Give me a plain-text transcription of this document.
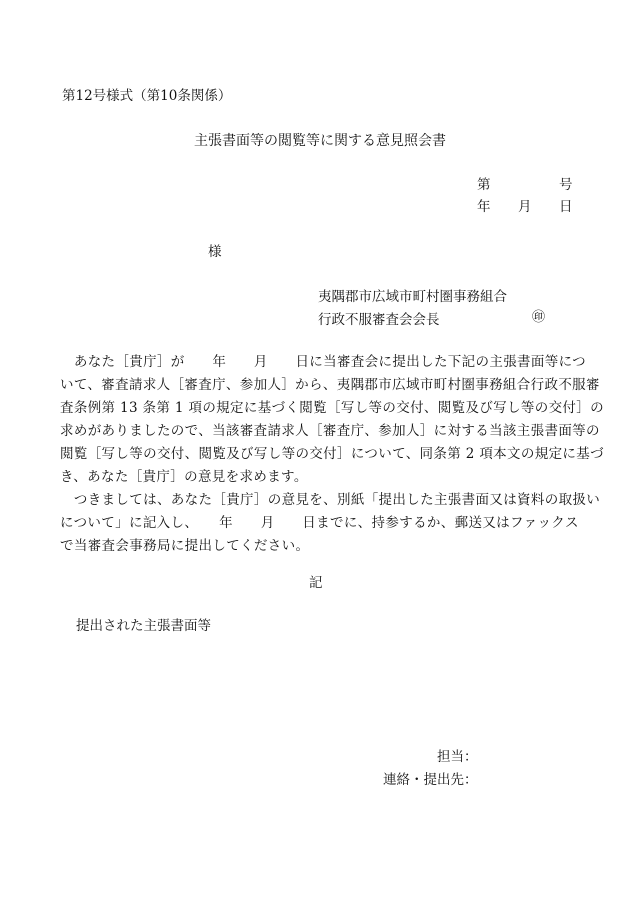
第12号様式（第10条関係）
主張書面等の閲覧等に関する意見照会書
第	号
年 月 日
様
夷隅郡市広域市町村圏事務組合
行政不服審査会会長	㊞
　あなた［貴庁］が　　年　　月　　日に当審査会に提出した下記の主張書面等につ
いて、審査請求人［審査庁、参加人］から、夷隅郡市広域市町村圏事務組合行政不服審
査条例第 13 条第 1 項の規定に基づく閲覧［写し等の交付、閲覧及び写し等の交付］の
求めがありましたので、当該審査請求人［審査庁、参加人］に対する当該主張書面等の
閲覧［写し等の交付、閲覧及び写し等の交付］について、同条第 2 項本文の規定に基づ
き、あなた［貴庁］の意見を求めます。
　つきましては、あなた［貴庁］の意見を、別紙「提出した主張書面又は資料の取扱い
について」に記入し、　　年　　月　　日までに、持参するか、郵送又はファックス
で当審査会事務局に提出してください。
記
提出された主張書面等
担当：
連絡・提出先：
